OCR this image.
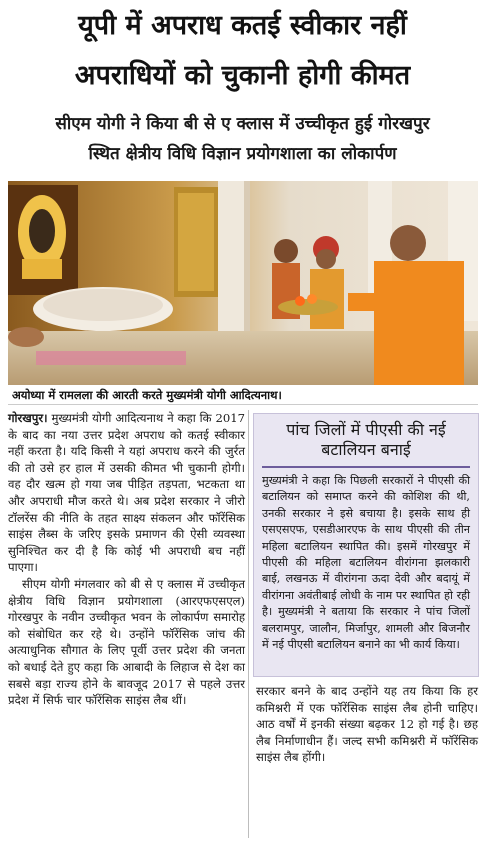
यूपी में अपराध कतई स्वीकार नहीं
अपराधियों को चुकानी होगी कीमत
सीएम योगी ने किया बी से ए क्लास में उच्चीकृत हुई गोरखपुर
स्थित क्षेत्रीय विधि विज्ञान प्रयोगशाला का लोकार्पण
अयोध्या में रामलला की आरती करते मुख्यमंत्री योगी आदित्यनाथ।

गोरखपुर। मुख्यमंत्री योगी आदित्यनाथ ने कहा कि 2017 के बाद का नया उत्तर प्रदेश अपराध को कतई स्वीकार नहीं करता है। यदि किसी ने यहां अपराध करने की जुर्रत की तो उसे हर हाल में उसकी कीमत भी चुकानी होगी। वह दौर खत्म हो गया जब पीड़ित तड़पता, भटकता था और अपराधी मौज करते थे। अब प्रदेश सरकार ने जीरो टॉलरेंस की नीति के तहत साक्ष्य संकलन और फॉरेंसिक साइंस लैब्स के जरिए इसके प्रमाणन की ऐसी व्यवस्था सुनिश्चित कर दी है कि कोई भी अपराधी बच नहीं पाएगा।

सीएम योगी मंगलवार को बी से ए क्लास में उच्चीकृत क्षेत्रीय विधि विज्ञान प्रयोगशाला (आरएफएसएल) गोरखपुर के नवीन उच्चीकृत भवन के लोकार्पण समारोह को संबोधित कर रहे थे। उन्होंने फॉरेंसिक जांच की अत्याधुनिक सौगात के लिए पूर्वी उत्तर प्रदेश की जनता को बधाई देते हुए कहा कि आबादी के लिहाज से देश का सबसे बड़ा राज्य होने के बावजूद 2017 से पहले उत्तर प्रदेश में सिर्फ चार फॉरेंसिक साइंस लैब थीं।

पांच जिलों में पीएसी की नई
बटालियन बनाई
मुख्यमंत्री ने कहा कि पिछली सरकारों ने पीएसी की बटालियन को समाप्त करने की कोशिश की थी, उनकी सरकार ने इसे बचाया है। इसके साथ ही एसएसएफ, एसडीआरएफ के साथ पीएसी की तीन महिला बटालियन स्थापित की। इसमें गोरखपुर में पीएसी की महिला बटालियन वीरांगना झलकारी बाई, लखनऊ में वीरांगना ऊदा देवी और बदायूं में वीरांगना अवंतीबाई लोधी के नाम पर स्थापित हो रही है। मुख्यमंत्री ने बताया कि सरकार ने पांच जिलों बलरामपुर, जालौन, मिर्जापुर, शामली और बिजनौर में नई पीएसी बटालियन बनाने का भी कार्य किया।

सरकार बनने के बाद उन्होंने यह तय किया कि हर कमिश्नरी में एक फॉरेंसिक साइंस लैब होनी चाहिए। आठ वर्षों में इनकी संख्या बढ़कर 12 हो गई है। छह लैब निर्माणाधीन हैं। जल्द सभी कमिश्नरी में फॉरेंसिक साइंस लैब होंगी।
